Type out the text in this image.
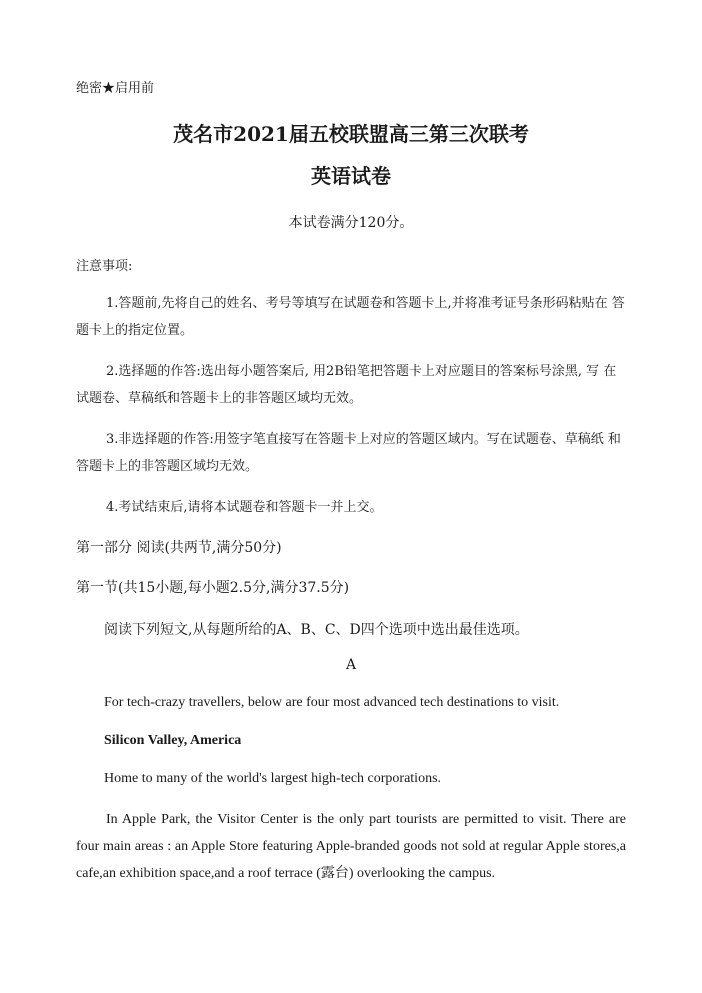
绝密★启用前
茂名市2021届五校联盟高三第三次联考
英语试卷
本试卷满分120分。
注意事项:
1.答题前,先将自己的姓名、考号等填写在试题卷和答题卡上,并将准考证号条形码粘贴在 答题卡上的指定位置。
2.选择题的作答:选出每小题答案后, 用2B铅笔把答题卡上对应题目的答案标号涂黑, 写 在试题卷、草稿纸和答题卡上的非答题区域均无效。
3.非选择题的作答:用签字笔直接写在答题卡上对应的答题区域内。写在试题卷、草稿纸 和答题卡上的非答题区域均无效。
4.考试结束后,请将本试题卷和答题卡一并上交。
第一部分 阅读(共两节,满分50分)
第一节(共15小题,每小题2.5分,满分37.5分)
阅读下列短文,从每题所给的A、B、C、D四个选项中选出最佳选项。
A
For tech-crazy travellers, below are four most advanced tech destinations to visit.
Silicon Valley, America
Home to many of the world's largest high-tech corporations.
In Apple Park, the Visitor Center is the only part tourists are permitted to visit. There are four main areas : an Apple Store featuring Apple-branded goods not sold at regular Apple stores,a cafe,an exhibition space,and a roof terrace (露台) overlooking the campus.
